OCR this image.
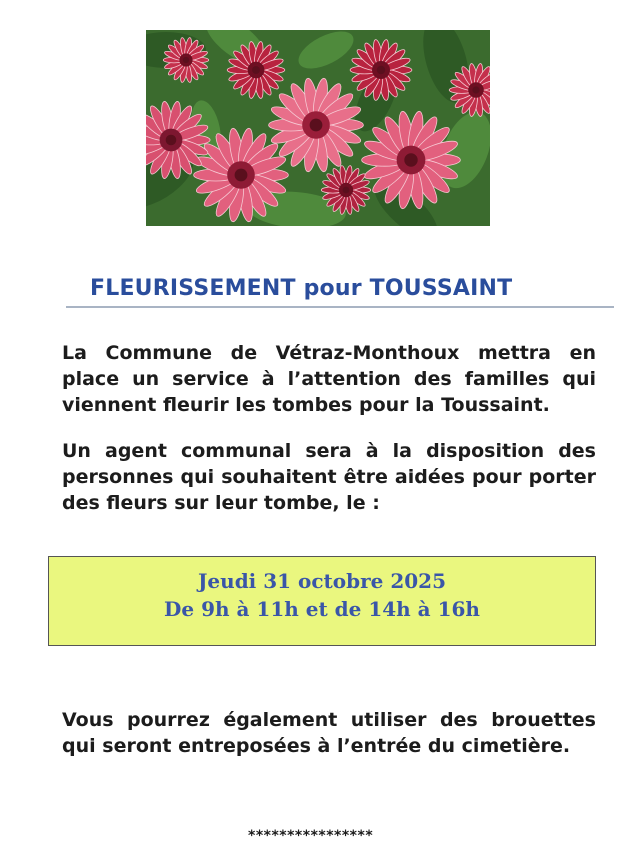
FLEURISSEMENT pour TOUSSAINT
La Commune de Vétraz-Monthoux mettra en place un service à l’attention des familles qui viennent fleurir les tombes pour la Toussaint.
Un agent communal sera à la disposition des personnes qui souhaitent être aidées pour porter des fleurs sur leur tombe, le :
Jeudi 31 octobre 2025
De 9h à 11h et de 14h à 16h
Vous pourrez également utiliser des brouettes qui seront entreposées à l’entrée du cimetière.
****************
